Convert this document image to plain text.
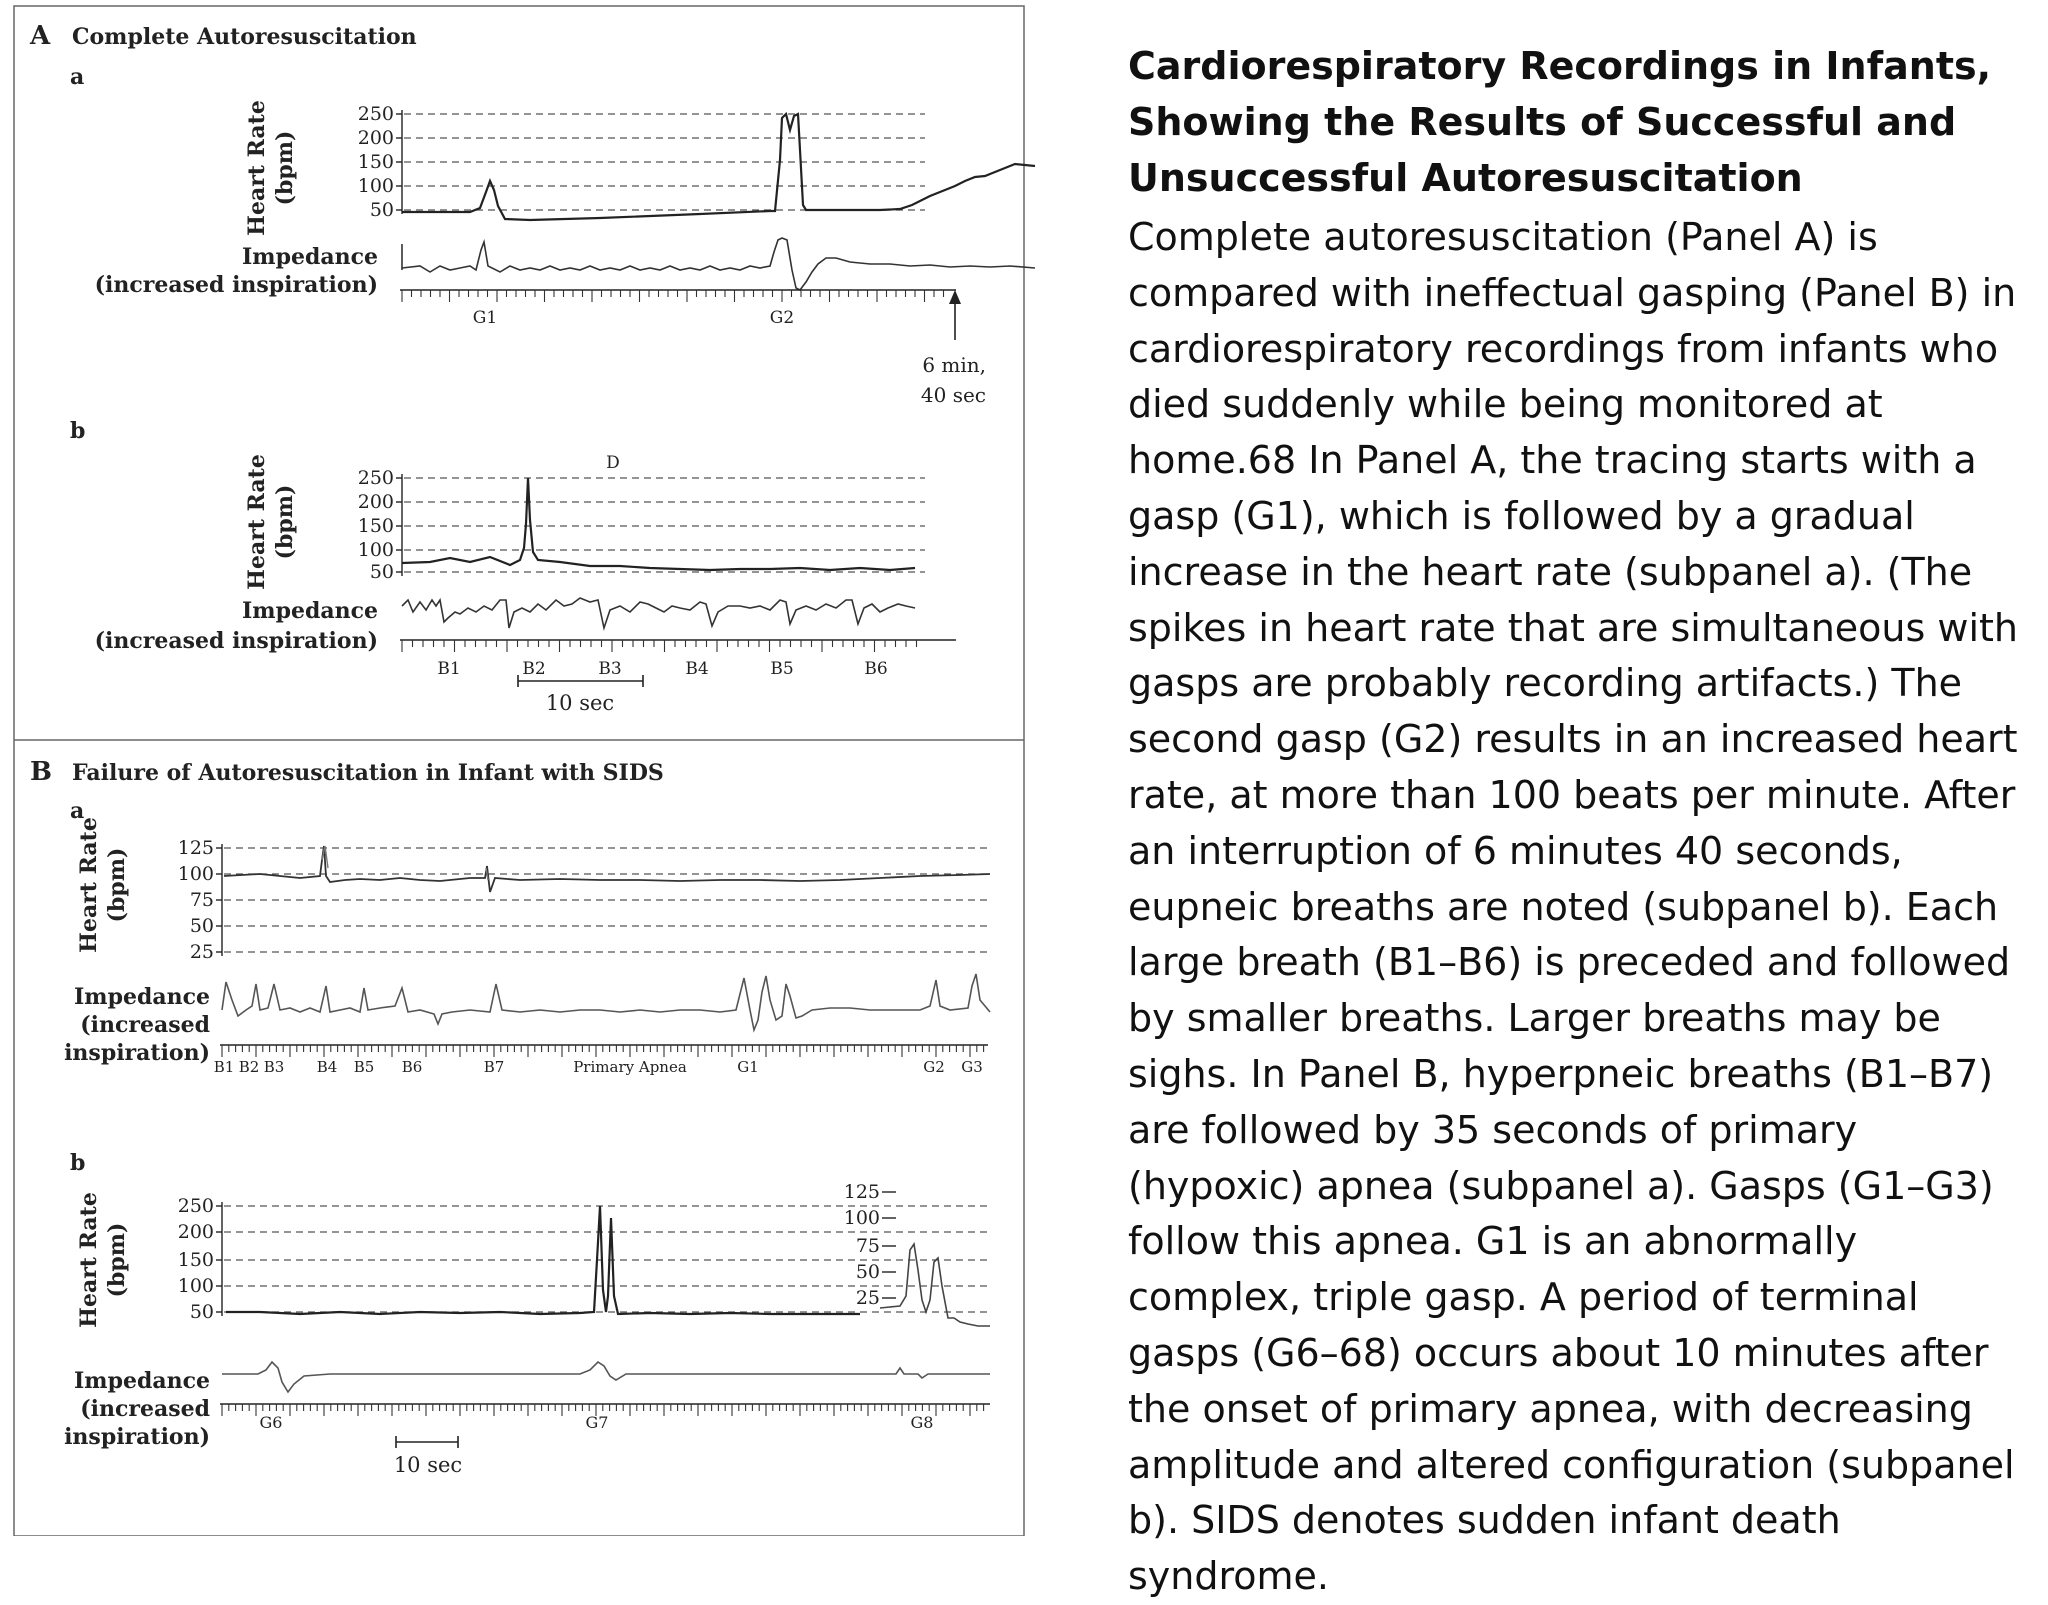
A Complete Autoresuscitation
a
Heart Rate (bpm)
250
200
150
100
50
Impedance
(increased inspiration)
G1	G2
6 min,
40 sec
b
Heart Rate (bpm)
250
200
150
100
50
D
Impedance
(increased inspiration)
B1	B2	B3	B4	B5	B6
10 sec
B Failure of Autoresuscitation in Infant with SIDS
a
Heart Rate (bpm)	125
100
75
50
25
Impedance
(increased
inspiration)
B1 B2 B3 B4 B5 B6	B7	Primary Apnea	G1	G2 G3
b
Heart Rate (bpm)
250
200
150
100
50
125
100
75
50
25
Impedance
(increased
inspiration)
G6	G7	G8
10 sec

Cardiorespiratory Recordings in Infants, Showing the Results of Successful and Unsuccessful Autoresuscitation

Complete autoresuscitation (Panel A) is compared with ineffectual gasping (Panel B) in cardiorespiratory recordings from infants who died suddenly while being monitored at home.68 In Panel A, the tracing starts with a gasp (G1), which is followed by a gradual increase in the heart rate (subpanel a). (The spikes in heart rate that are simultaneous with gasps are probably recording artifacts.) The second gasp (G2) results in an increased heart rate, at more than 100 beats per minute. After an interruption of 6 minutes 40 seconds, eupneic breaths are noted (subpanel b). Each large breath (B1–B6) is preceded and followed by smaller breaths. Larger breaths may be sighs. In Panel B, hyperpneic breaths (B1–B7) are followed by 35 seconds of primary (hypoxic) apnea (subpanel a). Gasps (G1–G3) follow this apnea. G1 is an abnormally complex, triple gasp. A period of terminal gasps (G6–68) occurs about 10 minutes after the onset of primary apnea, with decreasing amplitude and altered configuration (subpanel b). SIDS denotes sudden infant death syndrome.
